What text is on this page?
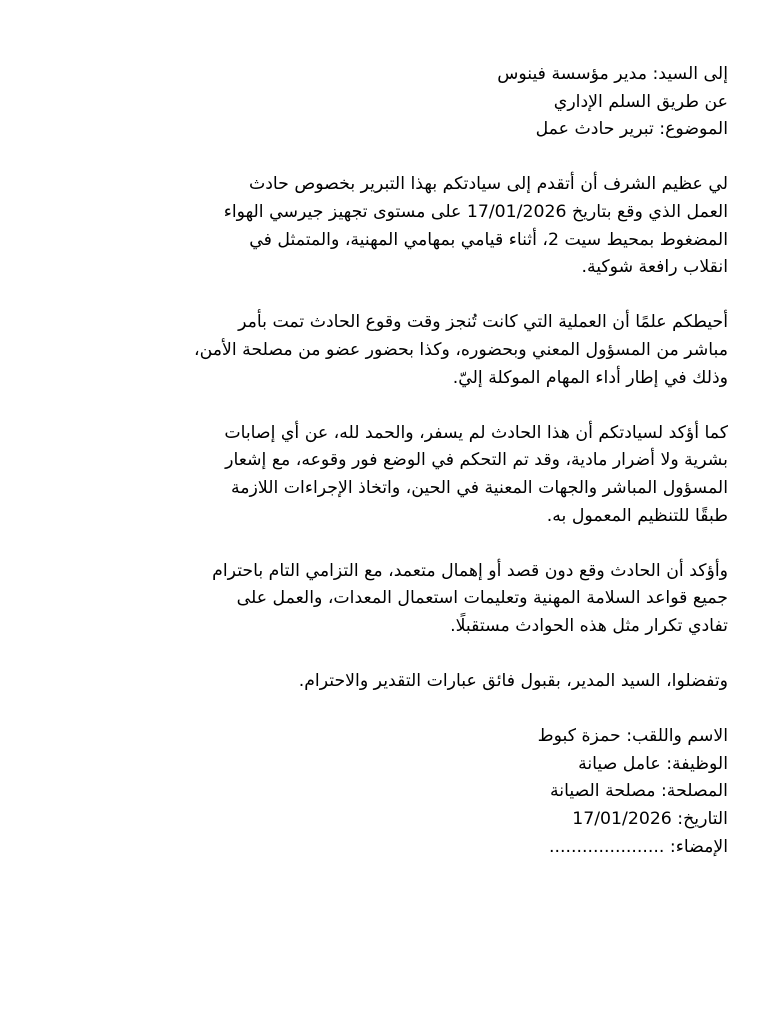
إلى السيد: مدير مؤسسة فينوس
عن طريق السلم الإداري
الموضوع: تبرير حادث عمل
لي عظيم الشرف أن أتقدم إلى سيادتكم بهذا التبرير بخصوص حادث
العمل الذي وقع بتاريخ 17/01/2026 على مستوى تجهيز جيرسي الهواء
المضغوط بمحيط سيت 2، أثناء قيامي بمهامي المهنية، والمتمثل في
انقلاب رافعة شوكية.
أحيطكم علمًا أن العملية التي كانت تُنجز وقت وقوع الحادث تمت بأمر
مباشر من المسؤول المعني وبحضوره، وكذا بحضور عضو من مصلحة الأمن،
وذلك في إطار أداء المهام الموكلة إليّ.
كما أؤكد لسيادتكم أن هذا الحادث لم يسفر، والحمد لله، عن أي إصابات
بشرية ولا أضرار مادية، وقد تم التحكم في الوضع فور وقوعه، مع إشعار
المسؤول المباشر والجهات المعنية في الحين، واتخاذ الإجراءات اللازمة
طبقًا للتنظيم المعمول به.
وأؤكد أن الحادث وقع دون قصد أو إهمال متعمد، مع التزامي التام باحترام
جميع قواعد السلامة المهنية وتعليمات استعمال المعدات، والعمل على
تفادي تكرار مثل هذه الحوادث مستقبلًا.
وتفضلوا، السيد المدير، بقبول فائق عبارات التقدير والاحترام.
الاسم واللقب: حمزة كبوط
الوظيفة: عامل صيانة
المصلحة: مصلحة الصيانة
التاريخ: 17/01/2026
الإمضاء: .....................
